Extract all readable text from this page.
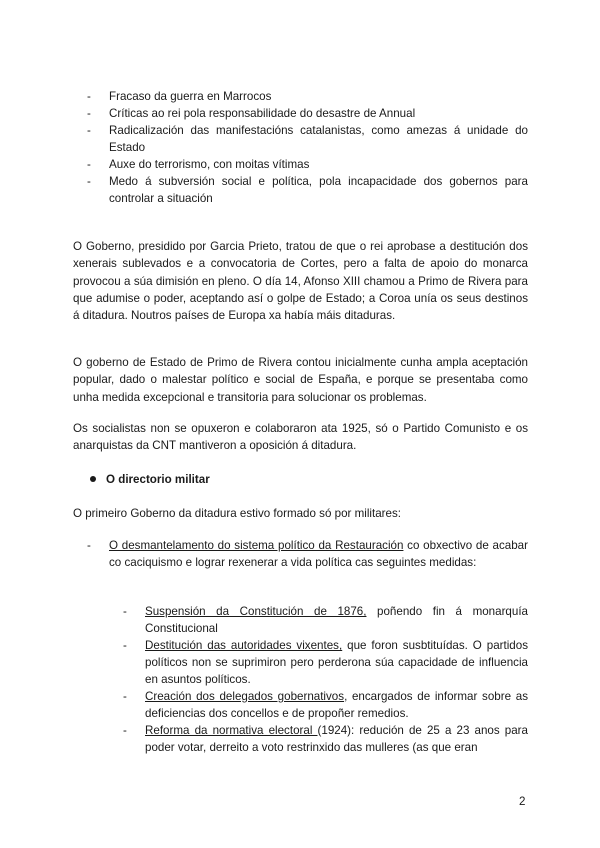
- Fracaso da guerra en Marrocos
- Críticas ao rei pola responsabilidade do desastre de Annual
- Radicalización das manifestacións catalanistas, como amezas á unidade do Estado
- Auxe do terrorismo, con moitas vítimas
- Medo á subversión social e política, pola incapacidade dos gobernos para controlar a situación

O Goberno, presidido por Garcia Prieto, tratou de que o rei aprobase a destitución dos xenerais sublevados e a convocatoria de Cortes, pero a falta de apoio do monarca provocou a súa dimisión en pleno. O día 14, Afonso XIII chamou a Primo de Rivera para que adumise o poder, aceptando así o golpe de Estado; a Coroa unía os seus destinos á ditadura. Noutros países de Europa xa había máis ditaduras.

O goberno de Estado de Primo de Rivera contou inicialmente cunha ampla aceptación popular, dado o malestar político e social de España, e porque se presentaba como unha medida excepcional e transitoria para solucionar os problemas.

Os socialistas non se opuxeron e colaboraron ata 1925, só o Partido Comunisto e os anarquistas da CNT mantiveron a oposición á ditadura.

O directorio militar

O primeiro Goberno da ditadura estivo formado só por militares:

- O desmantelamento do sistema político da Restauración co obxectivo de acabar co caciquismo e lograr rexenerar a vida política cas seguintes medidas:
- Suspensión da Constitución de 1876, poñendo fin á monarquía Constitucional
- Destitución das autoridades vixentes, que foron susbtituídas. O partidos políticos non se suprimiron pero perderona súa capacidade de influencia en asuntos políticos.
- Creación dos delegados gobernativos, encargados de informar sobre as deficiencias dos concellos e de propoñer remedios.
- Reforma da normativa electoral (1924): redución de 25 a 23 anos para poder votar, derreito a voto restrinxido das mulleres (as que eran
2
